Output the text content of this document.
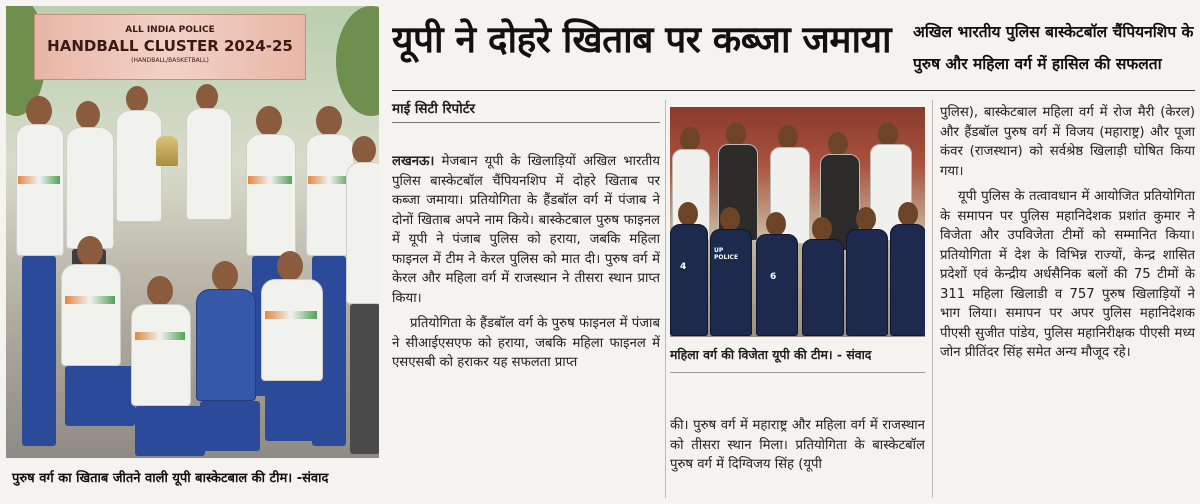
ALL INDIA POLICE
HANDBALL CLUSTER 2024-25
(HANDBALL/BASKETBALL)
पुरुष वर्ग का खिताब जीतने वाली यूपी बास्केटबाल की टीम। -संवाद
यूपी ने दोहरे खिताब पर कब्जा जमाया	अखिल भारतीय पुलिस बास्केटबॉल चैंपियनशिप के पुरुष और महिला वर्ग में हासिल की सफलता
माई सिटी रिपोर्टर

लखनऊ। मेजबान यूपी के खिलाड़ियों अखिल भारतीय पुलिस बास्केटबॉल चैंपियनशिप में दोहरे खिताब पर कब्जा जमाया। प्रतियोगिता के हैंडबॉल वर्ग में पंजाब ने दोनों खिताब अपने नाम किये। बास्केटबाल पुरुष फाइनल में यूपी ने पंजाब पुलिस को हराया, जबकि महिला फाइनल में टीम ने केरल पुलिस को मात दी। पुरुष वर्ग में केरल और महिला वर्ग में राजस्थान ने तीसरा स्थान प्राप्त किया।

प्रतियोगिता के हैंडबॉल वर्ग के पुरुष फाइनल में पंजाब ने सीआईएसएफ को हराया, जबकि महिला फाइनल में एसएसबी को हराकर यह सफलता प्राप्त

4
UP POLICE
6
महिला वर्ग की विजेता यूपी की टीम। - संवाद

की। पुरुष वर्ग में महाराष्ट्र और महिला वर्ग में राजस्थान को तीसरा स्थान मिला। प्रतियोगिता के बास्केटबॉल पुरुष वर्ग में दिग्विजय सिंह (यूपी

पुलिस), बास्केटबाल महिला वर्ग में रोज मैरी (केरल) और हैंडबॉल पुरुष वर्ग में विजय (महाराष्ट्र) और पूजा कंवर (राजस्थान) को सर्वश्रेष्ठ खिलाड़ी घोषित किया गया।

यूपी पुलिस के तत्वावधान में आयोजित प्रतियोगिता के समापन पर पुलिस महानिदेशक प्रशांत कुमार ने विजेता और उपविजेता टीमों को सम्मानित किया। प्रतियोगिता में देश के विभिन्न राज्यों, केन्द्र शासित प्रदेशों एवं केन्द्रीय अर्धसैनिक बलों की 75 टीमों के 311 महिला खिलाडी व 757 पुरुष खिलाड़ियों ने भाग लिया। समापन पर अपर पुलिस महानिदेशक पीएसी सुजीत पांडेय, पुलिस महानिरीक्षक पीएसी मध्य जोन प्रीतिंदर सिंह समेत अन्य मौजूद रहे।
